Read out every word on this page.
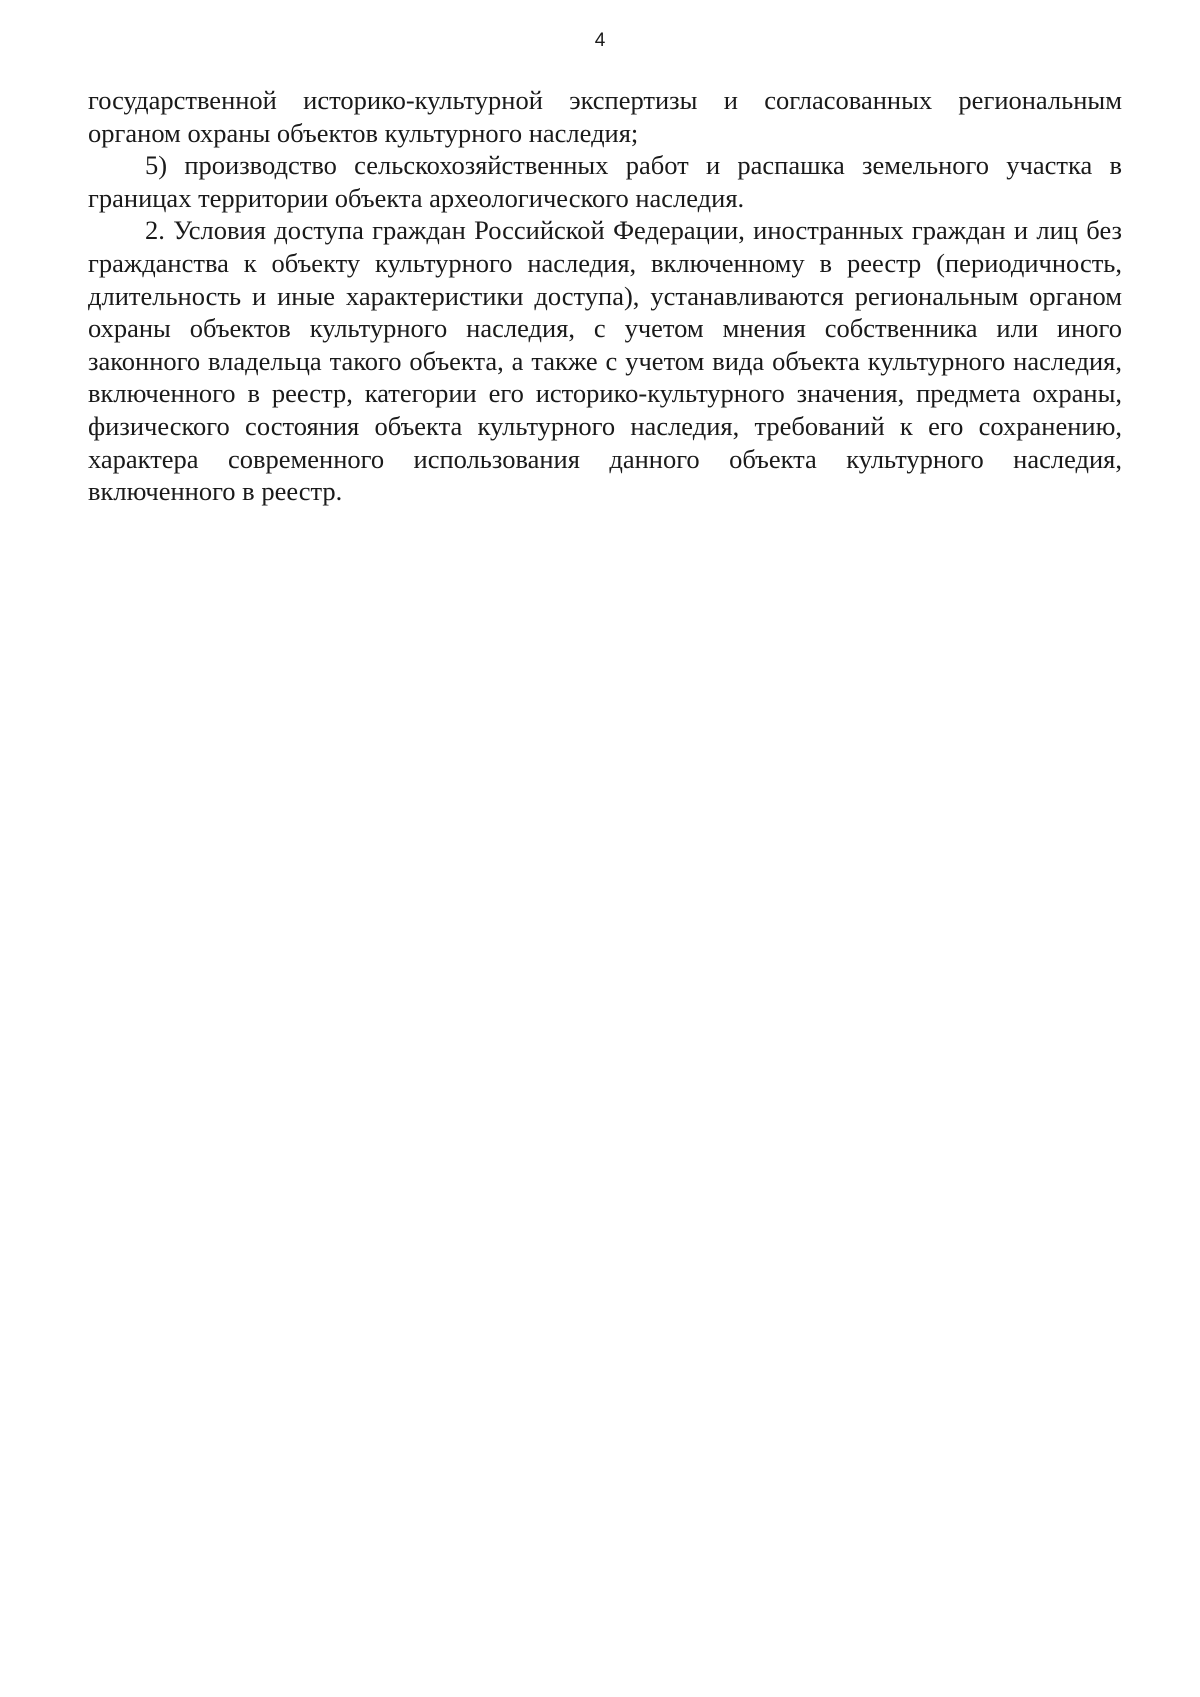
4

государственной историко-культурной экспертизы и согласованных региональным органом охраны объектов культурного наследия;

5) производство сельскохозяйственных работ и распашка земельного участка в границах территории объекта археологического наследия.

2. Условия доступа граждан Российской Федерации, иностранных граждан и лиц без гражданства к объекту культурного наследия, включенному в реестр (периодичность, длительность и иные характеристики доступа), устанавливаются региональным органом охраны объектов культурного наследия, с учетом мнения собственника или иного законного владельца такого объекта, а также с учетом вида объекта культурного наследия, включенного в реестр, категории его историко-культурного значения, предмета охраны, физического состояния объекта культурного наследия, требований к его сохранению, характера современного использования данного объекта культурного наследия, включенного в реестр.
